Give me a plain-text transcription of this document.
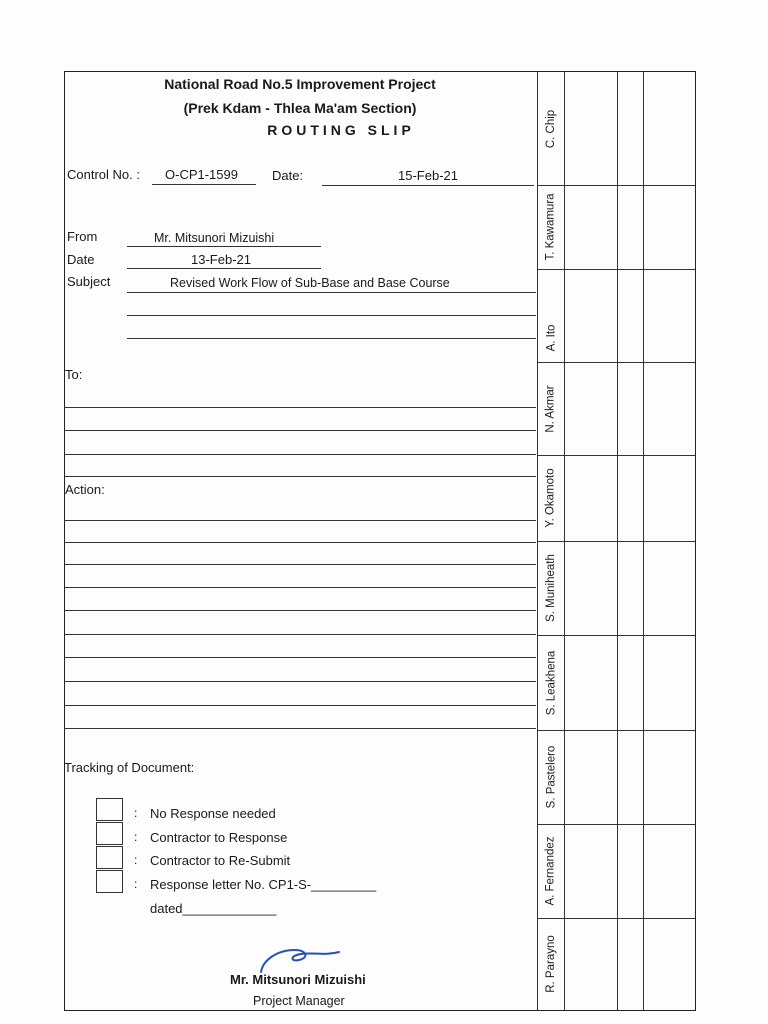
National Road No.5 Improvement Project
(Prek Kdam - Thlea Ma'am Section)
ROUTING SLIP
Control No. : O-CP1-1599	Date:	15-Feb-21
From	Mr. Mitsunori Mizuishi
Date	13-Feb-21
Subject	Revised Work Flow of Sub-Base and Base Course
To:
Action:
Tracking of Document:
:
:
:
:
No Response needed
Contractor to Response
Contractor to Re-Submit
Response letter No. CP1-S-_________
dated_____________
Mr. Mitsunori Mizuishi
Project Manager
C. Chip
T. Kawamura
A. Ito
N. Akmar
Y. Okamoto
S. Muniheath
S. Leakhena
S. Pastelero
A. Fernandez
R. Parayno
